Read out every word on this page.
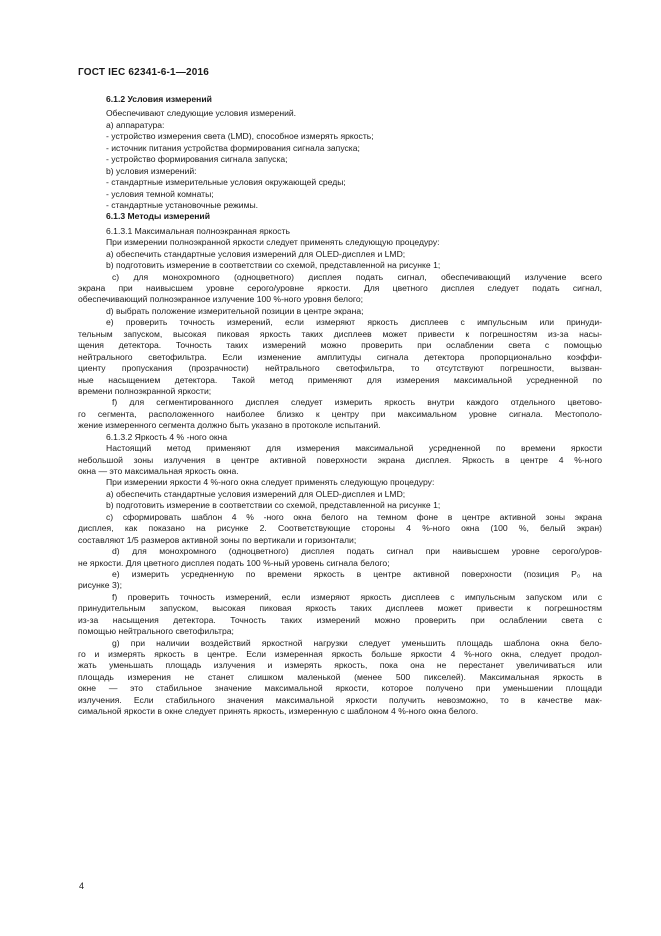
ГОСТ IEC 62341-6-1—2016
6.1.2 Условия измерений
Обеспечивают следующие условия измерений.
a) аппаратура:
- устройство измерения света (LMD), способное измерять яркость;
- источник питания устройства формирования сигнала запуска;
- устройство формирования сигнала запуска;
b) условия измерений:
- стандартные измерительные условия окружающей среды;
- условия темной комнаты;
- стандартные установочные режимы.
6.1.3 Методы измерений
6.1.3.1 Максимальная полноэкранная яркость
При измерении полноэкранной яркости следует применять следующую процедуру:
a) обеспечить стандартные условия измерений для OLED-дисплея и LMD;
b) подготовить измерение в соответствии со схемой, представленной на рисунке 1;
c) для монохромного (одноцветного) дисплея подать сигнал, обеспечивающий излучение всего
экрана при наивысшем уровне серого/уровне яркости. Для цветного дисплея следует подать сигнал,
обеспечивающий полноэкранное излучение 100 %-ного уровня белого;
d) выбрать положение измерительной позиции в центре экрана;
e) проверить точность измерений, если измеряют яркость дисплеев с импульсным или принуди-
тельным запуском, высокая пиковая яркость таких дисплеев может привести к погрешностям из-за насы-
щения детектора. Точность таких измерений можно проверить при ослаблении света с помощью
нейтрального светофильтра. Если изменение амплитуды сигнала детектора пропорционально коэффи-
циенту пропускания (прозрачности) нейтрального светофильтра, то отсутствуют погрешности, вызван-
ные насыщением детектора. Такой метод применяют для измерения максимальной усредненной по
времени полноэкранной яркости;
f) для сегментированного дисплея следует измерить яркость внутри каждого отдельного цветово-
го сегмента, расположенного наиболее близко к центру при максимальном уровне сигнала. Местополо-
жение измеренного сегмента должно быть указано в протоколе испытаний.
6.1.3.2 Яркость 4 % -ного окна
Настоящий метод применяют для измерения максимальной усредненной по времени яркости
небольшой зоны излучения в центре активной поверхности экрана дисплея. Яркость в центре 4 %-ного
окна — это максимальная яркость окна.
При измерении яркости 4 %-ного окна следует применять следующую процедуру:
a) обеспечить стандартные условия измерений для OLED-дисплея и LMD;
b) подготовить измерение в соответствии со схемой, представленной на рисунке 1;
c) сформировать шаблон 4 % -ного окна белого на темном фоне в центре активной зоны экрана
дисплея, как показано на рисунке 2. Соответствующие стороны 4 %-ного окна (100 %, белый экран)
составляют 1/5 размеров активной зоны по вертикали и горизонтали;
d) для монохромного (одноцветного) дисплея подать сигнал при наивысшем уровне серого/уров-
не яркости. Для цветного дисплея подать 100 %-ный уровень сигнала белого;
e) измерить усредненную по времени яркость в центре активной поверхности (позиция P₀ на
рисунке 3);
f) проверить точность измерений, если измеряют яркость дисплеев с импульсным запуском или с
принудительным запуском, высокая пиковая яркость таких дисплеев может привести к погрешностям
из-за насыщения детектора. Точность таких измерений можно проверить при ослаблении света с
помощью нейтрального светофильтра;
g) при наличии воздействий яркостной нагрузки следует уменьшить площадь шаблона окна бело-
го и измерять яркость в центре. Если измеренная яркость больше яркости 4 %-ного окна, следует продол-
жать уменьшать площадь излучения и измерять яркость, пока она не перестанет увеличиваться или
площадь измерения не станет слишком маленькой (менее 500 пикселей). Максимальная яркость в
окне — это стабильное значение максимальной яркости, которое получено при уменьшении площади
излучения. Если стабильного значения максимальной яркости получить невозможно, то в качестве мак-
симальной яркости в окне следует принять яркость, измеренную с шаблоном 4 %-ного окна белого.
4
